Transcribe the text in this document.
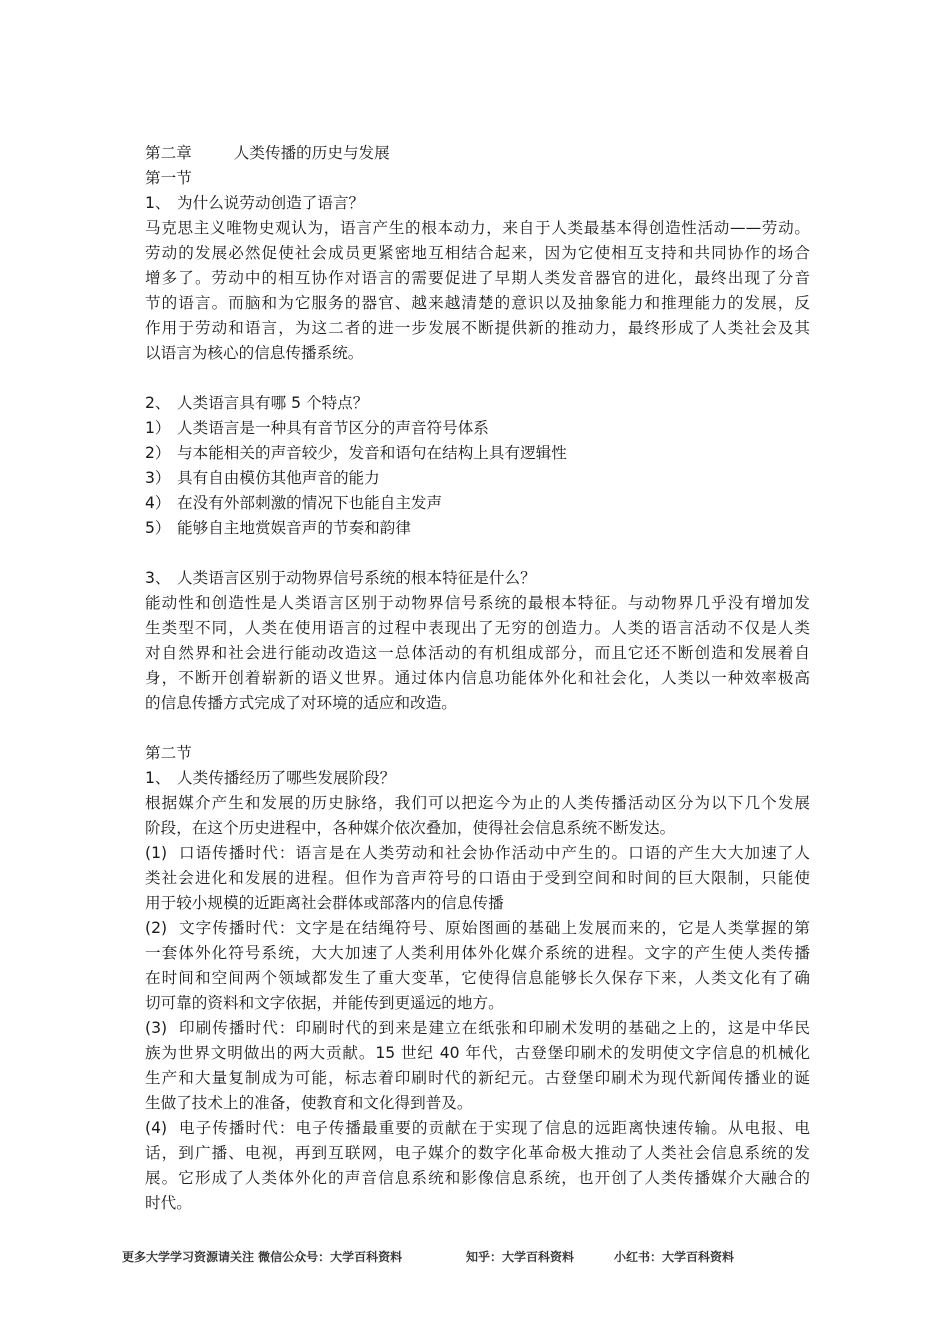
第二章	人类传播的历史与发展
第一节
1、 为什么说劳动创造了语言？
马克思主义唯物史观认为，语言产生的根本动力，来自于人类最基本得创造性活动——劳动。
劳动的发展必然促使社会成员更紧密地互相结合起来，因为它使相互支持和共同协作的场合
增多了。劳动中的相互协作对语言的需要促进了早期人类发音器官的进化，最终出现了分音
节的语言。而脑和为它服务的器官、越来越清楚的意识以及抽象能力和推理能力的发展，反
作用于劳动和语言，为这二者的进一步发展不断提供新的推动力，最终形成了人类社会及其
以语言为核心的信息传播系统。
2、 人类语言具有哪 5 个特点？
1） 人类语言是一种具有音节区分的声音符号体系
2） 与本能相关的声音较少，发音和语句在结构上具有逻辑性
3） 具有自由模仿其他声音的能力
4） 在没有外部刺激的情况下也能自主发声
5） 能够自主地赏娱音声的节奏和韵律
3、 人类语言区别于动物界信号系统的根本特征是什么？
能动性和创造性是人类语言区别于动物界信号系统的最根本特征。与动物界几乎没有增加发
生类型不同，人类在使用语言的过程中表现出了无穷的创造力。人类的语言活动不仅是人类
对自然界和社会进行能动改造这一总体活动的有机组成部分，而且它还不断创造和发展着自
身，不断开创着崭新的语义世界。通过体内信息功能体外化和社会化，人类以一种效率极高
的信息传播方式完成了对环境的适应和改造。
第二节
1、 人类传播经历了哪些发展阶段？
根据媒介产生和发展的历史脉络，我们可以把迄今为止的人类传播活动区分为以下几个发展
阶段，在这个历史进程中，各种媒介依次叠加，使得社会信息系统不断发达。
(1) 口语传播时代：语言是在人类劳动和社会协作活动中产生的。口语的产生大大加速了人
类社会进化和发展的进程。但作为音声符号的口语由于受到空间和时间的巨大限制，只能使
用于较小规模的近距离社会群体或部落内的信息传播
(2) 文字传播时代：文字是在结绳符号、原始图画的基础上发展而来的，它是人类掌握的第
一套体外化符号系统，大大加速了人类利用体外化媒介系统的进程。文字的产生使人类传播
在时间和空间两个领域都发生了重大变革，它使得信息能够长久保存下来，人类文化有了确
切可靠的资料和文字依据，并能传到更遥远的地方。
(3) 印刷传播时代：印刷时代的到来是建立在纸张和印刷术发明的基础之上的，这是中华民
族为世界文明做出的两大贡献。15 世纪 40 年代，古登堡印刷术的发明使文字信息的机械化
生产和大量复制成为可能，标志着印刷时代的新纪元。古登堡印刷术为现代新闻传播业的诞
生做了技术上的准备，使教育和文化得到普及。
(4) 电子传播时代：电子传播最重要的贡献在于实现了信息的远距离快速传输。从电报、电
话，到广播、电视，再到互联网，电子媒介的数字化革命极大推动了人类社会信息系统的发
展。它形成了人类体外化的声音信息系统和影像信息系统，也开创了人类传播媒介大融合的
时代。
更多大学学习资源请关注 微信公众号：大学百科资料	知乎：大学百科资料	小红书：大学百科资料
